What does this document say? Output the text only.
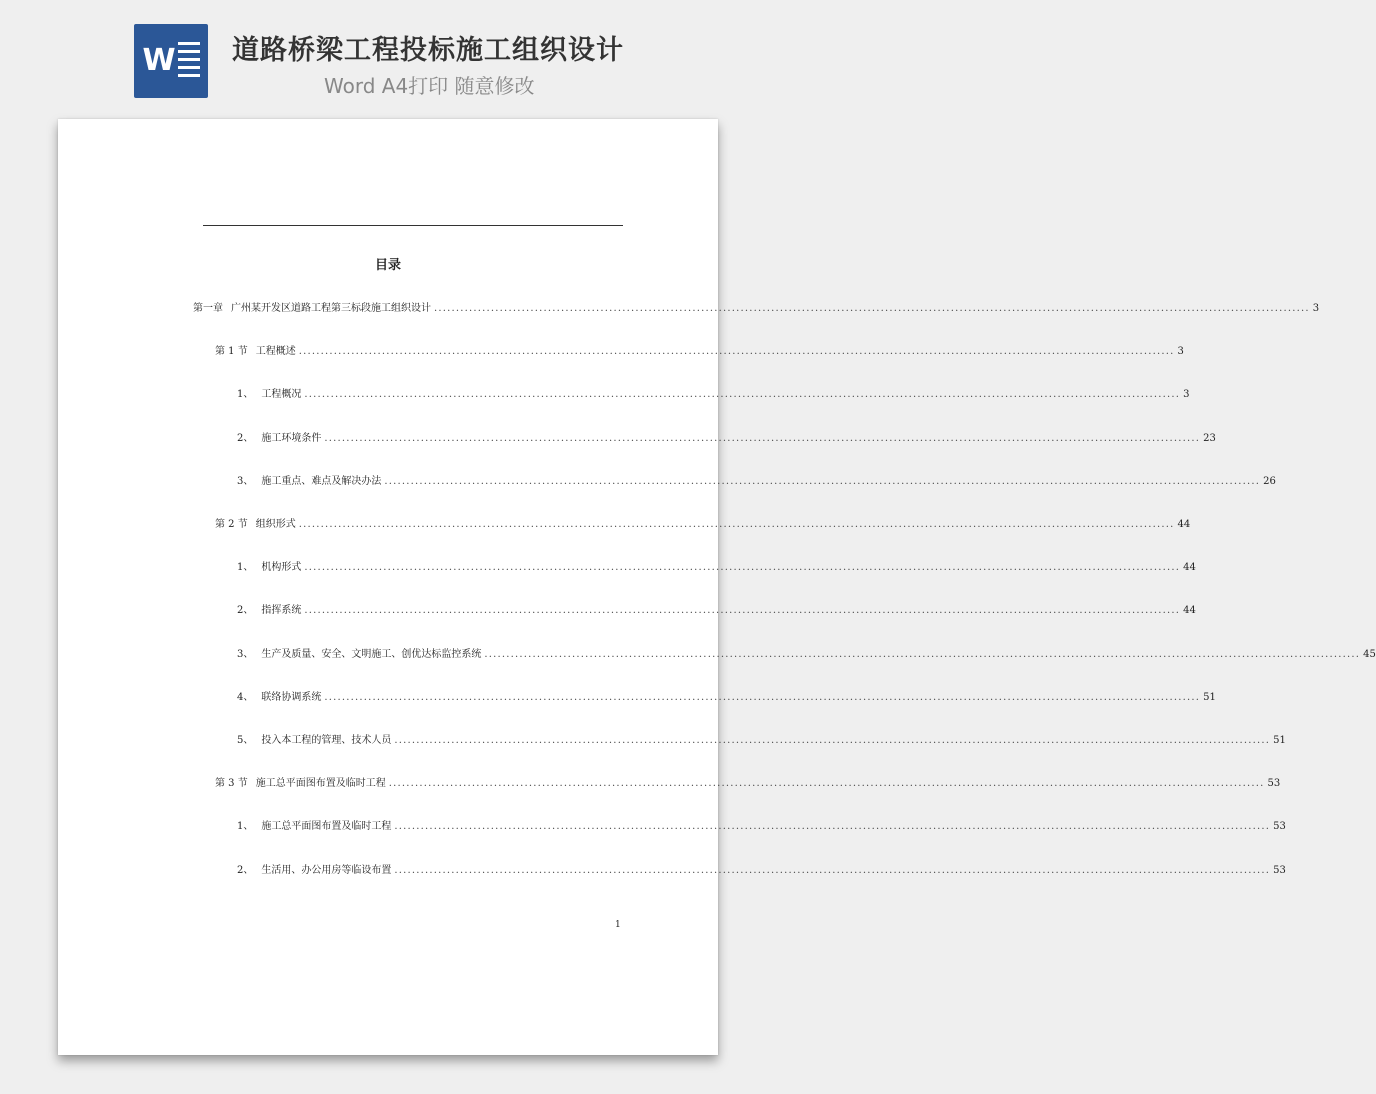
W 道路桥梁工程投标施工组织设计
Word A4打印 随意修改
目录
第一章 广州某开发区道路工程第三标段施工组织设计 ........................................................................................................................................................................................................ 3
第 1 节 工程概述 ........................................................................................................................................................................................................ 3
1、 工程概况 ........................................................................................................................................................................................................ 3
2、 施工环境条件 ........................................................................................................................................................................................................ 23
3、 施工重点、难点及解决办法 ........................................................................................................................................................................................................ 26
第 2 节 组织形式 ........................................................................................................................................................................................................ 44
1、 机构形式 ........................................................................................................................................................................................................ 44
2、 指挥系统 ........................................................................................................................................................................................................ 44
3、 生产及质量、安全、文明施工、创优达标监控系统 ........................................................................................................................................................................................................ 45
4、 联络协调系统 ........................................................................................................................................................................................................ 51
5、 投入本工程的管理、技术人员 ........................................................................................................................................................................................................ 51
第 3 节 施工总平面图布置及临时工程 ........................................................................................................................................................................................................ 53
1、 施工总平面图布置及临时工程 ........................................................................................................................................................................................................ 53
2、 生活用、办公用房等临设布置 ........................................................................................................................................................................................................ 53
1
